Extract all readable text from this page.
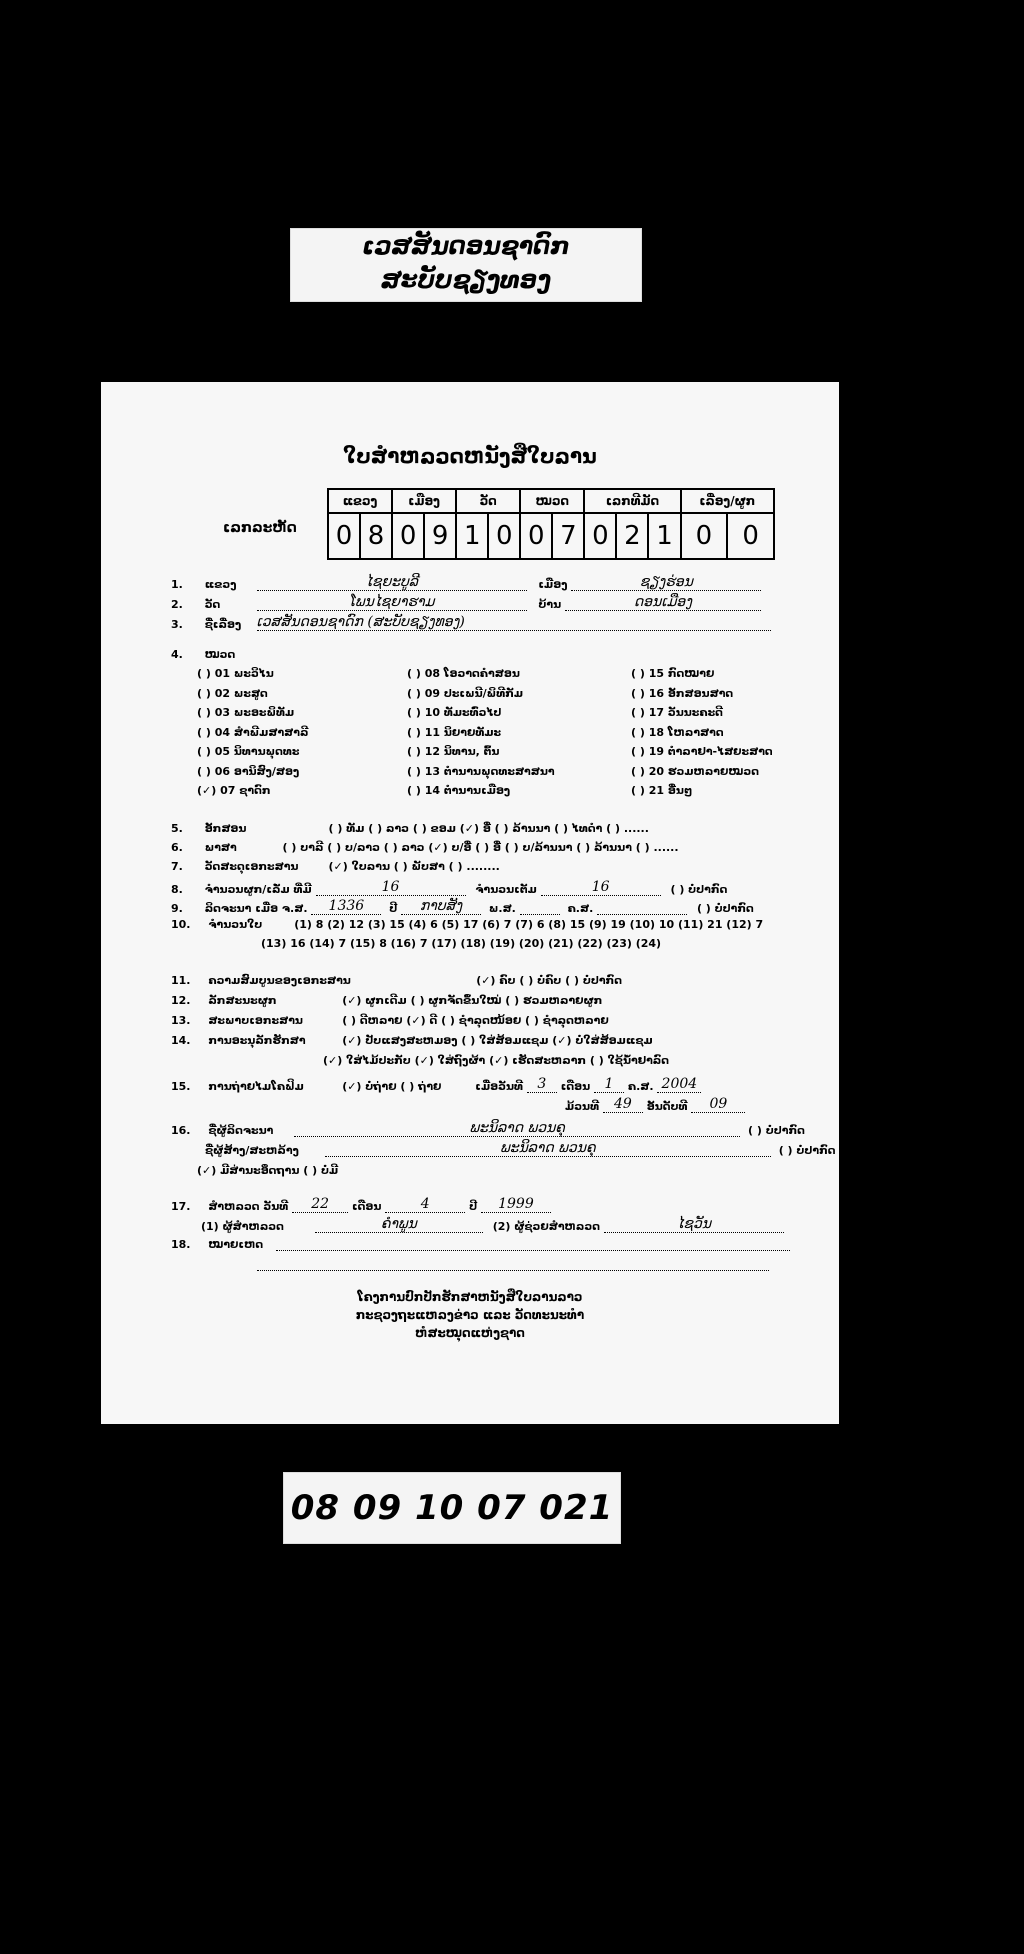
ເວສສັນດອນຊາດົກ
ສະບັບຊຽງທອງ
ໃບສຳຫລວດຫນັງສືໃບລານ
ເລກລະຫັດ
ແຂວງ		ເມືອງ		ວັດ		ໝວດ		ເລກທີມັດ			ເລື່ອງ/ຜູກ	
0	8	0	9	1	0	0	7	0	2	1	0	0
1. ແຂວງ	ໄຊຍະບູລີ	ເມືອງ	ຊຽງຮ່ອນ
2. ວັດ	ໂພນໄຊຍາຮາມ	ບ້ານ	ດອນເມືອງ
3. ຊື່ເລື່ອງ ເວສສັນດອນຊາດົກ (ສະບັບຊຽງທອງ)
4. ໝວດ
( ) 01 ພະວິໄນ
( ) 02 ພະສູດ
( ) 03 ພະອະພິທັມ
( ) 04 ສຳພີມສາສາລີ
( ) 05 ນິທານພຸດທະ
( ) 06 ອານິສົງ/ສອງ
(✓) 07 ຊາດົກ
( ) 08 ໂອວາດຄຳສອນ
( ) 09 ປະເພນີ/ພິທີກັມ
( ) 10 ທັມະທົ່ວໄປ
( ) 11 ນິຍາຍທັມະ
( ) 12 ນິທານ, ຕົ້ນ
( ) 13 ຕຳນານພຸດທະສາສນາ
( ) 14 ຕຳນານເມືອງ
( ) 15 ກົດໝາຍ
( ) 16 ອັກສອນສາດ
( ) 17 ວັນນະຄະດີ
( ) 18 ໂຫລາສາດ
( ) 19 ຕຳລາຢາ-ໄສຍະສາດ
( ) 20 ຮວມຫລາຍໝວດ
( ) 21 ອື່ນໆ
5. ອັກສອນ	( ) ທັມ ( ) ລາວ ( ) ຂອມ (✓) ອື່ ( ) ລ້ານນາ ( ) ໄທດຳ ( ) ......
6. ພາສາ	( ) ບາລີ ( ) ບ/ລາວ ( ) ລາວ (✓) ບ/ອື່ ( ) ອື່ ( ) ບ/ລ້ານນາ ( ) ລ້ານນາ ( ) ......
7. ວັດສະດຸເອກະສານ	(✓) ໃບລານ ( ) ພັບສາ ( ) ........
8. ຈຳນວນຜູກ/ເລັ່ມ ທີ່ມີ	16	ຈຳນວນເຕັມ	16	( ) ບໍ່ປາກົດ
9. ລິດຈະນາ ເມື່ອ ຈ.ສ. 1336 ປີ ກາບສັງ ພ.ສ.	ຄ.ສ.	( ) ບໍ່ປາກົດ
10. ຈຳນວນໃບ	(1) 8 (2) 12 (3) 15 (4) 6 (5) 17 (6) 7 (7) 6 (8) 15 (9) 19 (10) 10 (11) 21 (12) 7
(13) 16 (14) 7 (15) 8 (16) 7 (17) (18) (19) (20) (21) (22) (23) (24)
11. ຄວາມສົມບູນຂອງເອກະສານ	(✓) ຄົບ ( ) ບໍ່ຄົບ ( ) ບໍ່ປາກົດ
12. ລັກສະນະຜູກ	(✓) ຜູກເດີມ ( ) ຜູກຈັດຂຶ້ນໃໝ່ ( ) ຮວມຫລາຍຜູກ
13. ສະພາບເອກະສານ	( ) ດີຫລາຍ (✓) ດີ ( ) ຊຳລຸດໜ້ອຍ ( ) ຊຳລຸດຫລາຍ
14. ການອະນຸລັກຮັກສາ	(✓) ປັບແສງສະຫມອງ ( ) ໃສ່ສ້ອມແຊມ (✓) ບໍ່ໃສ່ສ້ອມແຊມ
(✓) ໃສ່ໄມ້ປະກັບ (✓) ໃສ່ຖົງຜ້າ (✓) ເຮັດສະຫລາກ ( ) ໃຊ້ນ້ຳຢາລົດ
15. ການຖ່າຍໄມໂຄຟິມ	(✓) ບໍ່ຖ່າຍ ( ) ຖ່າຍ	ເມື່ອວັນທີ 3 ເດືອນ 1 ຄ.ສ. 2004
ມ້ວນທີ 49 ອັນດັບທີ 09
16. ຊື່ຜູ້ລິດຈະນາ	ພະນິລາດ ພວນຄຸ	( ) ບໍ່ປາກົດ
ຊື່ຜູ້ສ້າງ/ສະຫລ້າງ	ພະນິລາດ ພວນຄຸ	( ) ບໍ່ປາກົດ
(✓) ມີສ່ານະອຶດຖານ ( ) ບໍ່ມີ
17. ສຳຫລວດ ວັນທີ 22 ເດືອນ	4	ປີ 1999
(1) ຜູ້ສຳຫລວດ	ຄຳພູນ	(2) ຜູ້ຊ່ວຍສຳຫລວດ	ໄຊວັນ
18. ໝາຍເຫດ
ໂຄງການປົກປັກຮັກສາຫນັງສືໃບລານລາວ
ກະຊວງຖະແຫລງຂ່າວ ແລະ ວັດທະນະທຳ
ຫໍສະໝຸດແຫ່ງຊາດ
08 09 10 07 021 00
